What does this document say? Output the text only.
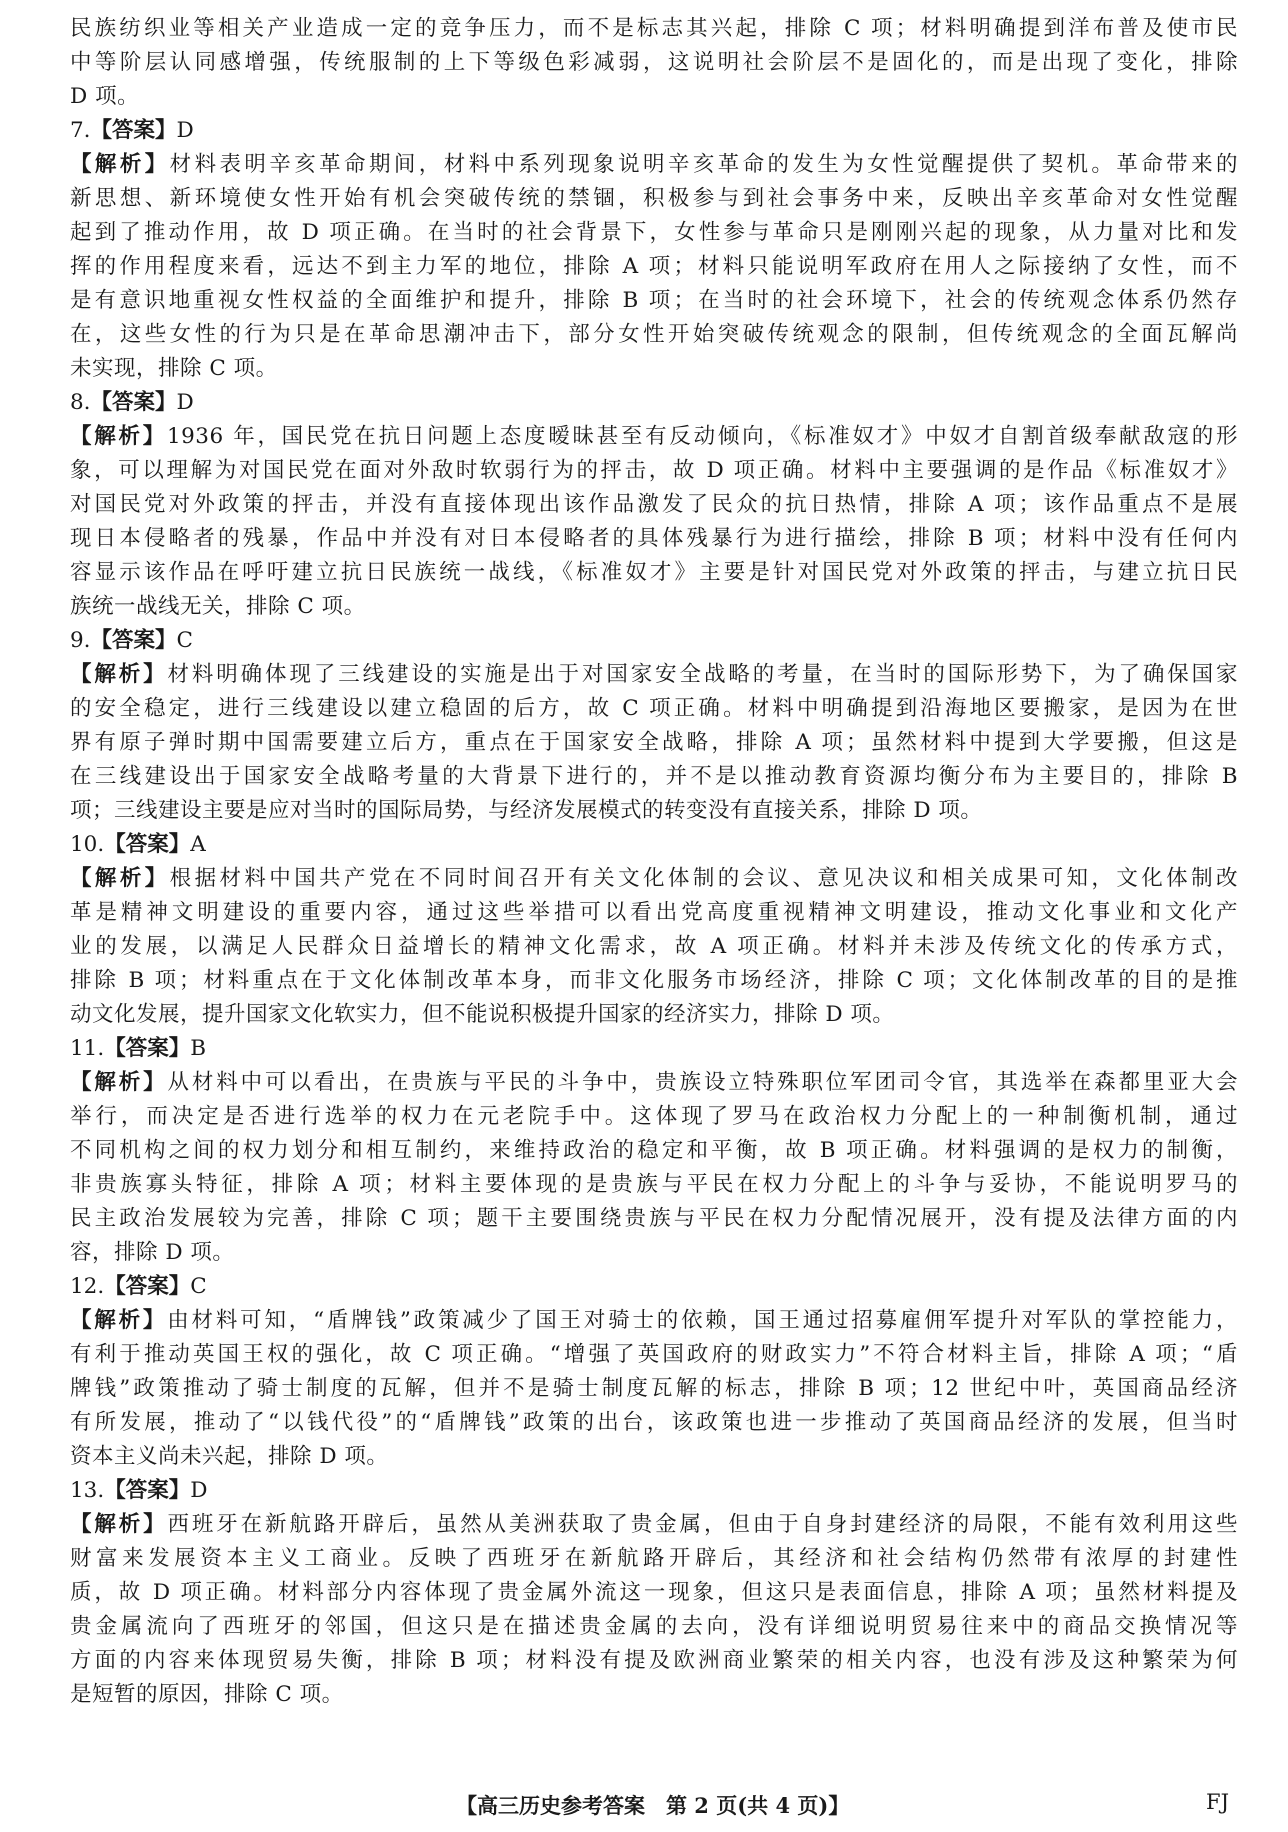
民族纺织业等相关产业造成一定的竞争压力，而不是标志其兴起，排除 C 项；材料明确提到洋布普及使市民
中等阶层认同感增强，传统服制的上下等级色彩减弱，这说明社会阶层不是固化的，而是出现了变化，排除
D 项。
7.【答案】D
【解析】材料表明辛亥革命期间，材料中系列现象说明辛亥革命的发生为女性觉醒提供了契机。革命带来的
新思想、新环境使女性开始有机会突破传统的禁锢，积极参与到社会事务中来，反映出辛亥革命对女性觉醒
起到了推动作用，故 D 项正确。在当时的社会背景下，女性参与革命只是刚刚兴起的现象，从力量对比和发
挥的作用程度来看，远达不到主力军的地位，排除 A 项；材料只能说明军政府在用人之际接纳了女性，而不
是有意识地重视女性权益的全面维护和提升，排除 B 项；在当时的社会环境下，社会的传统观念体系仍然存
在，这些女性的行为只是在革命思潮冲击下，部分女性开始突破传统观念的限制，但传统观念的全面瓦解尚
未实现，排除 C 项。
8.【答案】D
【解析】1936 年，国民党在抗日问题上态度暧昧甚至有反动倾向，《标准奴才》中奴才自割首级奉献敌寇的形
象，可以理解为对国民党在面对外敌时软弱行为的抨击，故 D 项正确。材料中主要强调的是作品《标准奴才》
对国民党对外政策的抨击，并没有直接体现出该作品激发了民众的抗日热情，排除 A 项；该作品重点不是展
现日本侵略者的残暴，作品中并没有对日本侵略者的具体残暴行为进行描绘，排除 B 项；材料中没有任何内
容显示该作品在呼吁建立抗日民族统一战线，《标准奴才》主要是针对国民党对外政策的抨击，与建立抗日民
族统一战线无关，排除 C 项。
9.【答案】C
【解析】材料明确体现了三线建设的实施是出于对国家安全战略的考量，在当时的国际形势下，为了确保国家
的安全稳定，进行三线建设以建立稳固的后方，故 C 项正确。材料中明确提到沿海地区要搬家，是因为在世
界有原子弹时期中国需要建立后方，重点在于国家安全战略，排除 A 项；虽然材料中提到大学要搬，但这是
在三线建设出于国家安全战略考量的大背景下进行的，并不是以推动教育资源均衡分布为主要目的，排除 B
项；三线建设主要是应对当时的国际局势，与经济发展模式的转变没有直接关系，排除 D 项。
10.【答案】A
【解析】根据材料中国共产党在不同时间召开有关文化体制的会议、意见决议和相关成果可知，文化体制改
革是精神文明建设的重要内容，通过这些举措可以看出党高度重视精神文明建设，推动文化事业和文化产
业的发展，以满足人民群众日益增长的精神文化需求，故 A 项正确。材料并未涉及传统文化的传承方式，
排除 B 项；材料重点在于文化体制改革本身，而非文化服务市场经济，排除 C 项；文化体制改革的目的是推
动文化发展，提升国家文化软实力，但不能说积极提升国家的经济实力，排除 D 项。
11.【答案】B
【解析】从材料中可以看出，在贵族与平民的斗争中，贵族设立特殊职位军团司令官，其选举在森都里亚大会
举行，而决定是否进行选举的权力在元老院手中。这体现了罗马在政治权力分配上的一种制衡机制，通过
不同机构之间的权力划分和相互制约，来维持政治的稳定和平衡，故 B 项正确。材料强调的是权力的制衡，
非贵族寡头特征，排除 A 项；材料主要体现的是贵族与平民在权力分配上的斗争与妥协，不能说明罗马的
民主政治发展较为完善，排除 C 项；题干主要围绕贵族与平民在权力分配情况展开，没有提及法律方面的内
容，排除 D 项。
12.【答案】C
【解析】由材料可知，“盾牌钱”政策减少了国王对骑士的依赖，国王通过招募雇佣军提升对军队的掌控能力，
有利于推动英国王权的强化，故 C 项正确。“增强了英国政府的财政实力”不符合材料主旨，排除 A 项；“盾
牌钱”政策推动了骑士制度的瓦解，但并不是骑士制度瓦解的标志，排除 B 项；12 世纪中叶，英国商品经济
有所发展，推动了“以钱代役”的“盾牌钱”政策的出台，该政策也进一步推动了英国商品经济的发展，但当时
资本主义尚未兴起，排除 D 项。
13.【答案】D
【解析】西班牙在新航路开辟后，虽然从美洲获取了贵金属，但由于自身封建经济的局限，不能有效利用这些
财富来发展资本主义工商业。反映了西班牙在新航路开辟后，其经济和社会结构仍然带有浓厚的封建性
质，故 D 项正确。材料部分内容体现了贵金属外流这一现象，但这只是表面信息，排除 A 项；虽然材料提及
贵金属流向了西班牙的邻国，但这只是在描述贵金属的去向，没有详细说明贸易往来中的商品交换情况等
方面的内容来体现贸易失衡，排除 B 项；材料没有提及欧洲商业繁荣的相关内容，也没有涉及这种繁荣为何
是短暂的原因，排除 C 项。
【高三历史参考答案　第 2 页(共 4 页)】	FJ
